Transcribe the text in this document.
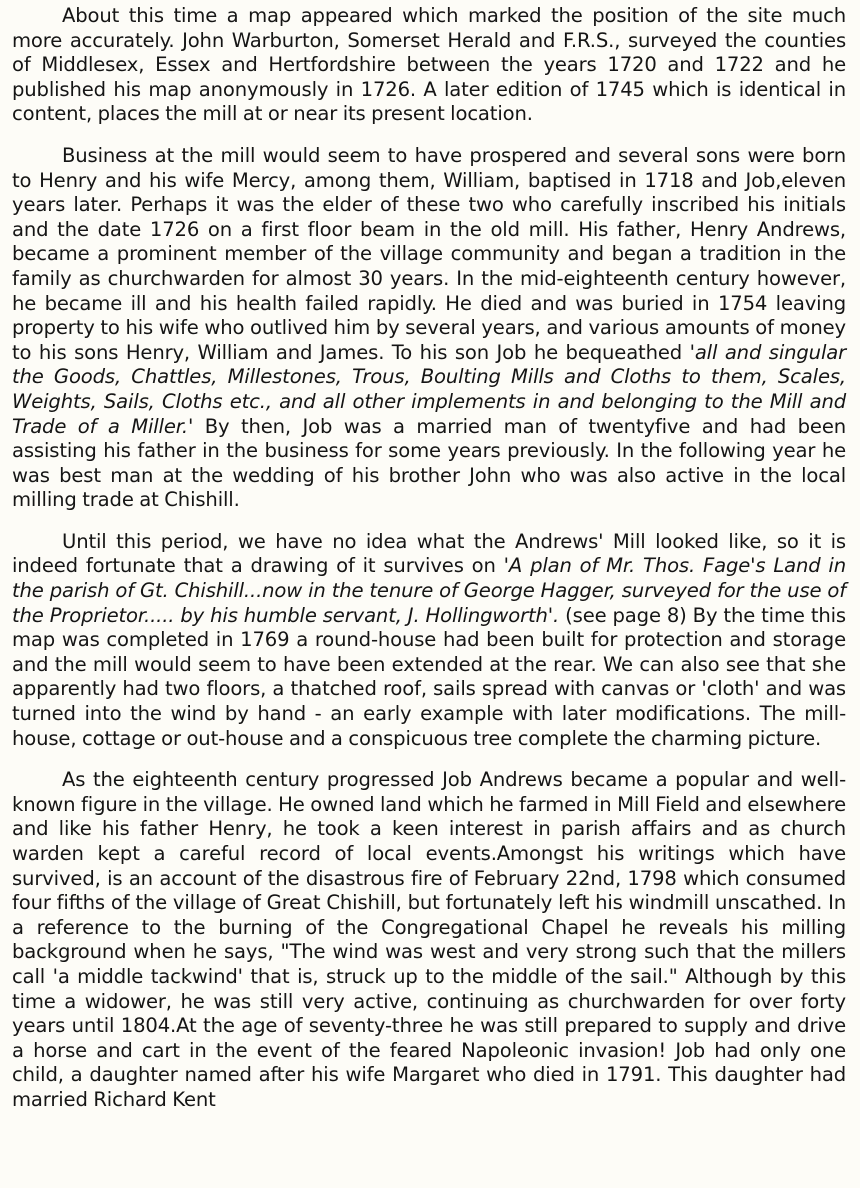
About this time a map appeared which marked the position of the site much more accurately. John Warburton, Somerset Herald and F.R.S., surveyed the counties of Middlesex, Essex and Hertfordshire between the years 1720 and 1722 and he published his map anonymously in 1726. A later edition of 1745 which is identical in content, places the mill at or near its present location.

Business at the mill would seem to have prospered and several sons were born to Henry and his wife Mercy, among them, William, baptised in 1718 and Job,eleven years later. Perhaps it was the elder of these two who carefully inscribed his initials and the date 1726 on a first floor beam in the old mill. His father, Henry Andrews, became a prominent member of the village community and began a tradition in the family as churchwarden for almost 30 years. In the mid-eighteenth century however, he became ill and his health failed rapidly. He died and was buried in 1754 leaving property to his wife who outlived him by several years, and various amounts of money to his sons Henry, William and James. To his son Job he bequeathed 'all and singular the Goods, Chattles, Millestones, Trous, Boulting Mills and Cloths to them, Scales, Weights, Sails, Cloths etc., and all other implements in and belonging to the Mill and Trade of a Miller.' By then, Job was a married man of twentyfive and had been assisting his father in the business for some years previously. In the following year he was best man at the wedding of his brother John who was also active in the local milling trade at Chishill.

Until this period, we have no idea what the Andrews' Mill looked like, so it is indeed fortunate that a drawing of it survives on 'A plan of Mr. Thos. Fage's Land in the parish of Gt. Chishill...now in the tenure of George Hagger, surveyed for the use of the Proprietor..... by his humble servant, J. Hollingworth'. (see page 8) By the time this map was completed in 1769 a round-house had been built for protection and storage and the mill would seem to have been extended at the rear. We can also see that she apparently had two floors, a thatched roof, sails spread with canvas or 'cloth' and was turned into the wind by hand - an early example with later modifications. The mill-house, cottage or out-house and a conspicuous tree complete the charming picture.

As the eighteenth century progressed Job Andrews became a popular and well-known figure in the village. He owned land which he farmed in Mill Field and elsewhere and like his father Henry, he took a keen interest in parish affairs and as church warden kept a careful record of local events.Amongst his writings which have survived, is an account of the disastrous fire of February 22nd, 1798 which consumed four fifths of the village of Great Chishill, but fortunately left his windmill unscathed. In a reference to the burning of the Congregational Chapel he reveals his milling background when he says, "The wind was west and very strong such that the millers call 'a middle tackwind' that is, struck up to the middle of the sail." Although by this time a widower, he was still very active, continuing as churchwarden for over forty years until 1804.At the age of seventy-three he was still prepared to supply and drive a horse and cart in the event of the feared Napoleonic invasion! Job had only one child, a daughter named after his wife Margaret who died in 1791. This daughter had married Richard Kent
